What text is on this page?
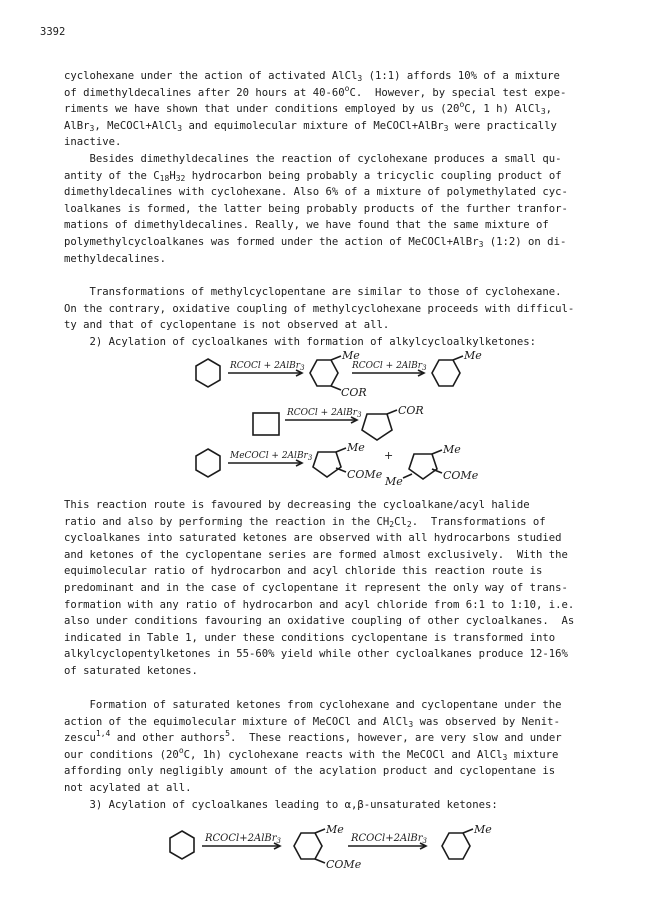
3392

cyclohexane under the action of activated AlCl$_3$ (1:1) affords 10% of a mixture
of dimethyldecalines after 20 hours at 40-60$^o$C.  However, by special test expe-
riments we have shown that under conditions employed by us (20$^o$C, 1 h) AlCl$_3$,
AlBr$_3$, MeCOCl+AlCl$_3$ and equimolecular mixture of MeCOCl+AlBr$_3$ were practically
inactive.

Besides dimethyldecalines the reaction of cyclohexane produces a small qu-
antity of the $C_{18}H_{32}$ hydrocarbon being probably a tricyclic coupling product of
dimethyldecalines with cyclohexane. Also 6% of a mixture of polymethylated cyc-
loalkanes is formed, the latter being probably products of the further tranfor-
mations of dimethyldecalines. Really, we have found that the same mixture of
polymethylcycloalkanes was formed under the action of MeCOCl+AlBr$_3$ (1:2) on di-
methyldecalines.

Transformations of methylcyclopentane are similar to those of cyclohexane.
On the contrary, oxidative coupling of methylcyclohexane proceeds with difficul-
ty and that of cyclopentane is not observed at all.
2) Acylation of cycloalkanes with formation of alkylcycloalkylketones:

RCOCl + 2AlBr$_3$	RCOCl + 2AlBr$_3$
RCOCl + 2AlBr$_3$
MeCOCl + 2AlBr$_3$
Me
COR
Me
COR
Me
COMe
+	Me
COMe
Me

This reaction route is favoured by decreasing the cycloalkane/acyl halide
ratio and also by performing the reaction in the $CH_2Cl_2$.  Transformations of
cycloalkanes into saturated ketones are observed with all hydrocarbons studied
and ketones of the cyclopentane series are formed almost exclusively.  With the
equimolecular ratio of hydrocarbon and acyl chloride this reaction route is
predominant and in the case of cyclopentane it represent the only way of trans-
formation with any ratio of hydrocarbon and acyl chloride from 6:1 to 1:10, i.e.
also under conditions favouring an oxidative coupling of other cycloalkanes.  As
indicated in Table 1, under these conditions cyclopentane is transformed into
alkylcyclopentylketones in 55-60% yield while other cycloalkanes produce 12-16%
of saturated ketones.

Formation of saturated ketones from cyclohexane and cyclopentane under the
action of the equimolecular mixture of MeCOCl and AlCl$_3$ was observed by Nenit-
zescu$^{1,4}$ and other authors$^5$.  These reactions, however, are very slow and under
our conditions (20$^o$C, 1h) cyclohexane reacts with the MeCOCl and AlCl$_3$ mixture
affording only negligibly amount of the acylation product and cyclopentane is
not acylated at all.
3) Acylation of cycloalkanes leading to α,β-unsaturated ketones:

RCOCl+2AlBr$_3$	RCOCl+2AlBr$_3$
Me
COMe
Me
